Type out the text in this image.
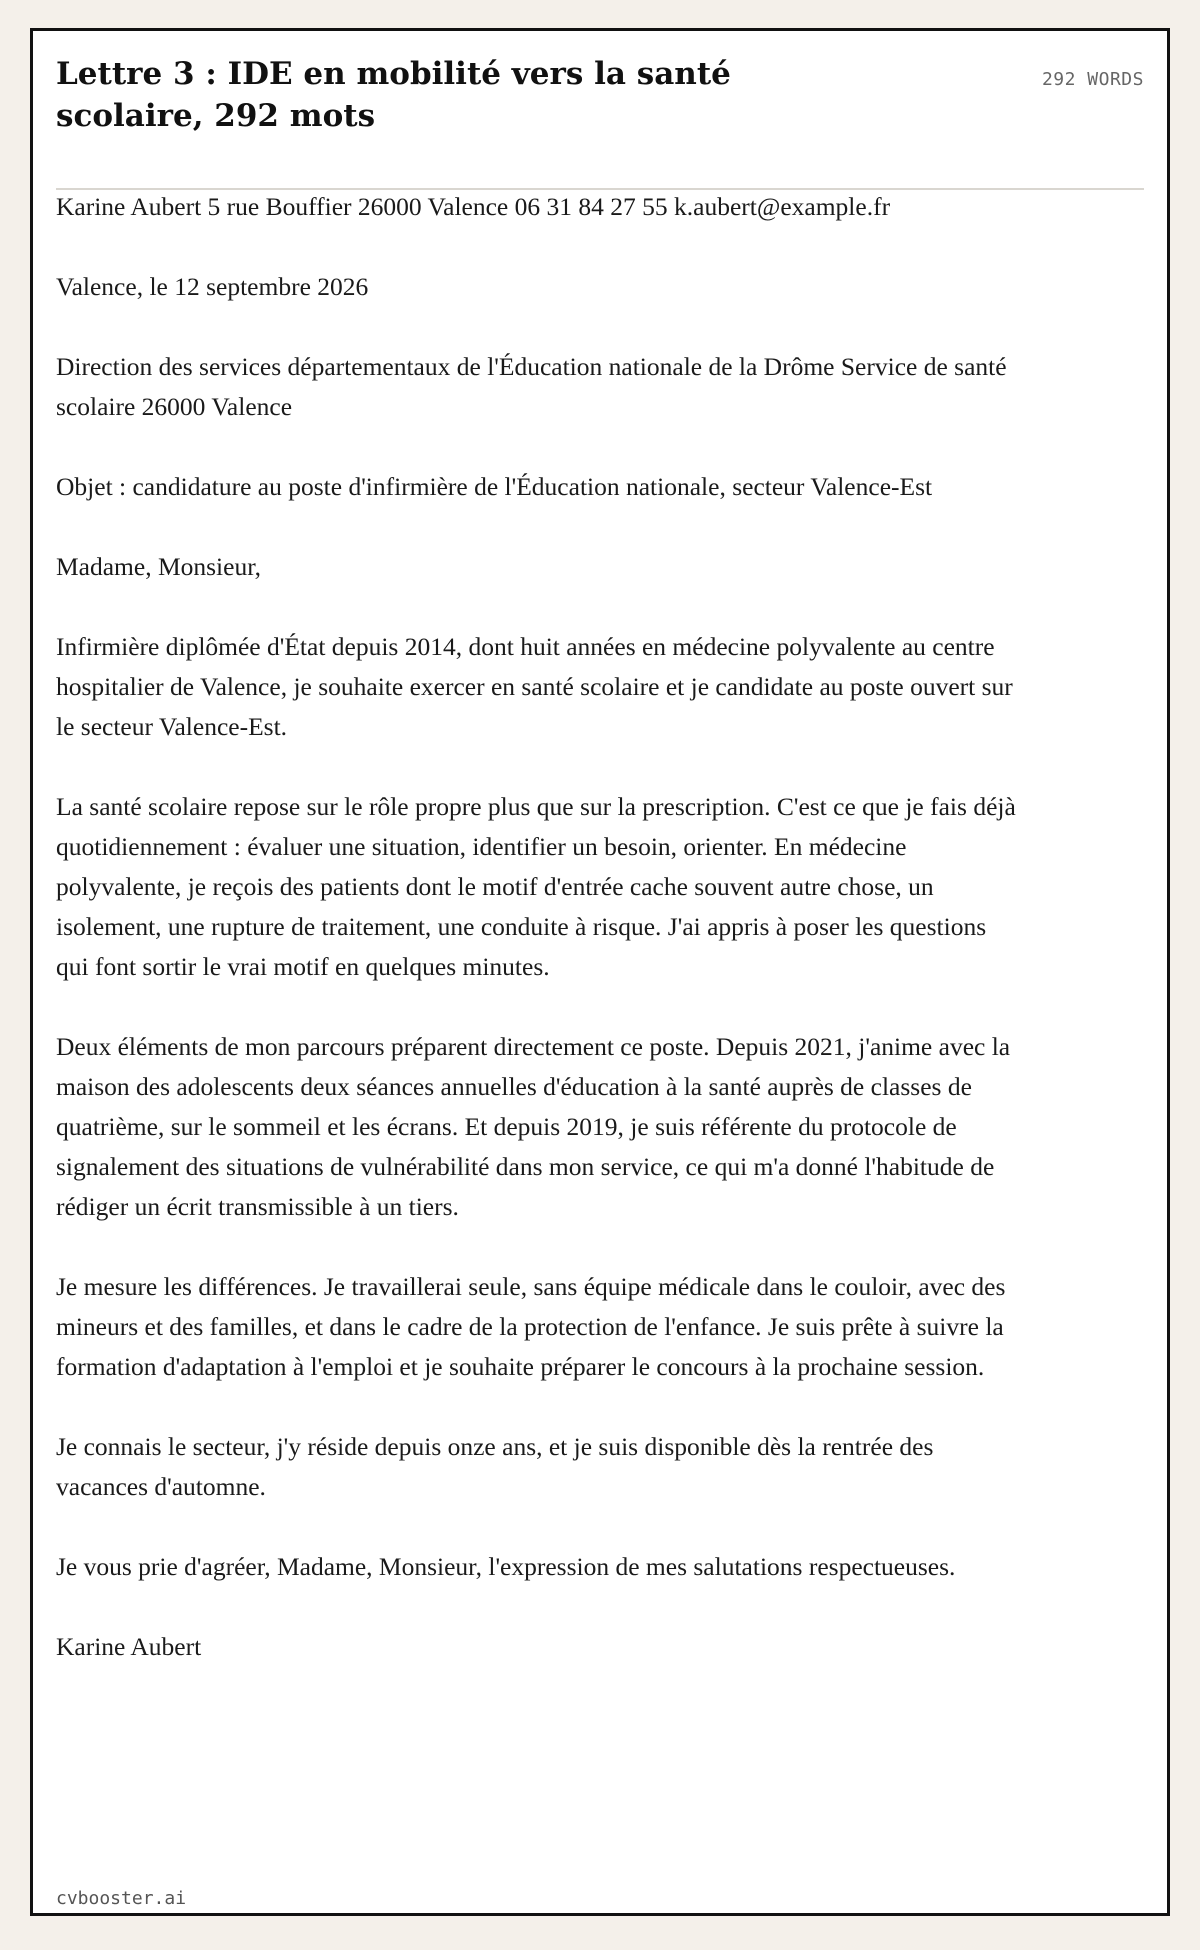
Lettre 3 : IDE en mobilité vers la santé scolaire, 292 mots
292 WORDS

Karine Aubert 5 rue Bouffier 26000 Valence 06 31 84 27 55 k.aubert@example.fr

Valence, le 12 septembre 2026

Direction des services départementaux de l'Éducation nationale de la Drôme Service de santé scolaire 26000 Valence

Objet : candidature au poste d'infirmière de l'Éducation nationale, secteur Valence-Est

Madame, Monsieur,

Infirmière diplômée d'État depuis 2014, dont huit années en médecine polyvalente au centre hospitalier de Valence, je souhaite exercer en santé scolaire et je candidate au poste ouvert sur le secteur Valence-Est.

La santé scolaire repose sur le rôle propre plus que sur la prescription. C'est ce que je fais déjà quotidiennement : évaluer une situation, identifier un besoin, orienter. En médecine polyvalente, je reçois des patients dont le motif d'entrée cache souvent autre chose, un isolement, une rupture de traitement, une conduite à risque. J'ai appris à poser les questions qui font sortir le vrai motif en quelques minutes.

Deux éléments de mon parcours préparent directement ce poste. Depuis 2021, j'anime avec la maison des adolescents deux séances annuelles d'éducation à la santé auprès de classes de quatrième, sur le sommeil et les écrans. Et depuis 2019, je suis référente du protocole de signalement des situations de vulnérabilité dans mon service, ce qui m'a donné l'habitude de rédiger un écrit transmissible à un tiers.

Je mesure les différences. Je travaillerai seule, sans équipe médicale dans le couloir, avec des mineurs et des familles, et dans le cadre de la protection de l'enfance. Je suis prête à suivre la formation d'adaptation à l'emploi et je souhaite préparer le concours à la prochaine session.

Je connais le secteur, j'y réside depuis onze ans, et je suis disponible dès la rentrée des vacances d'automne.

Je vous prie d'agréer, Madame, Monsieur, l'expression de mes salutations respectueuses.

Karine Aubert

cvbooster.ai
